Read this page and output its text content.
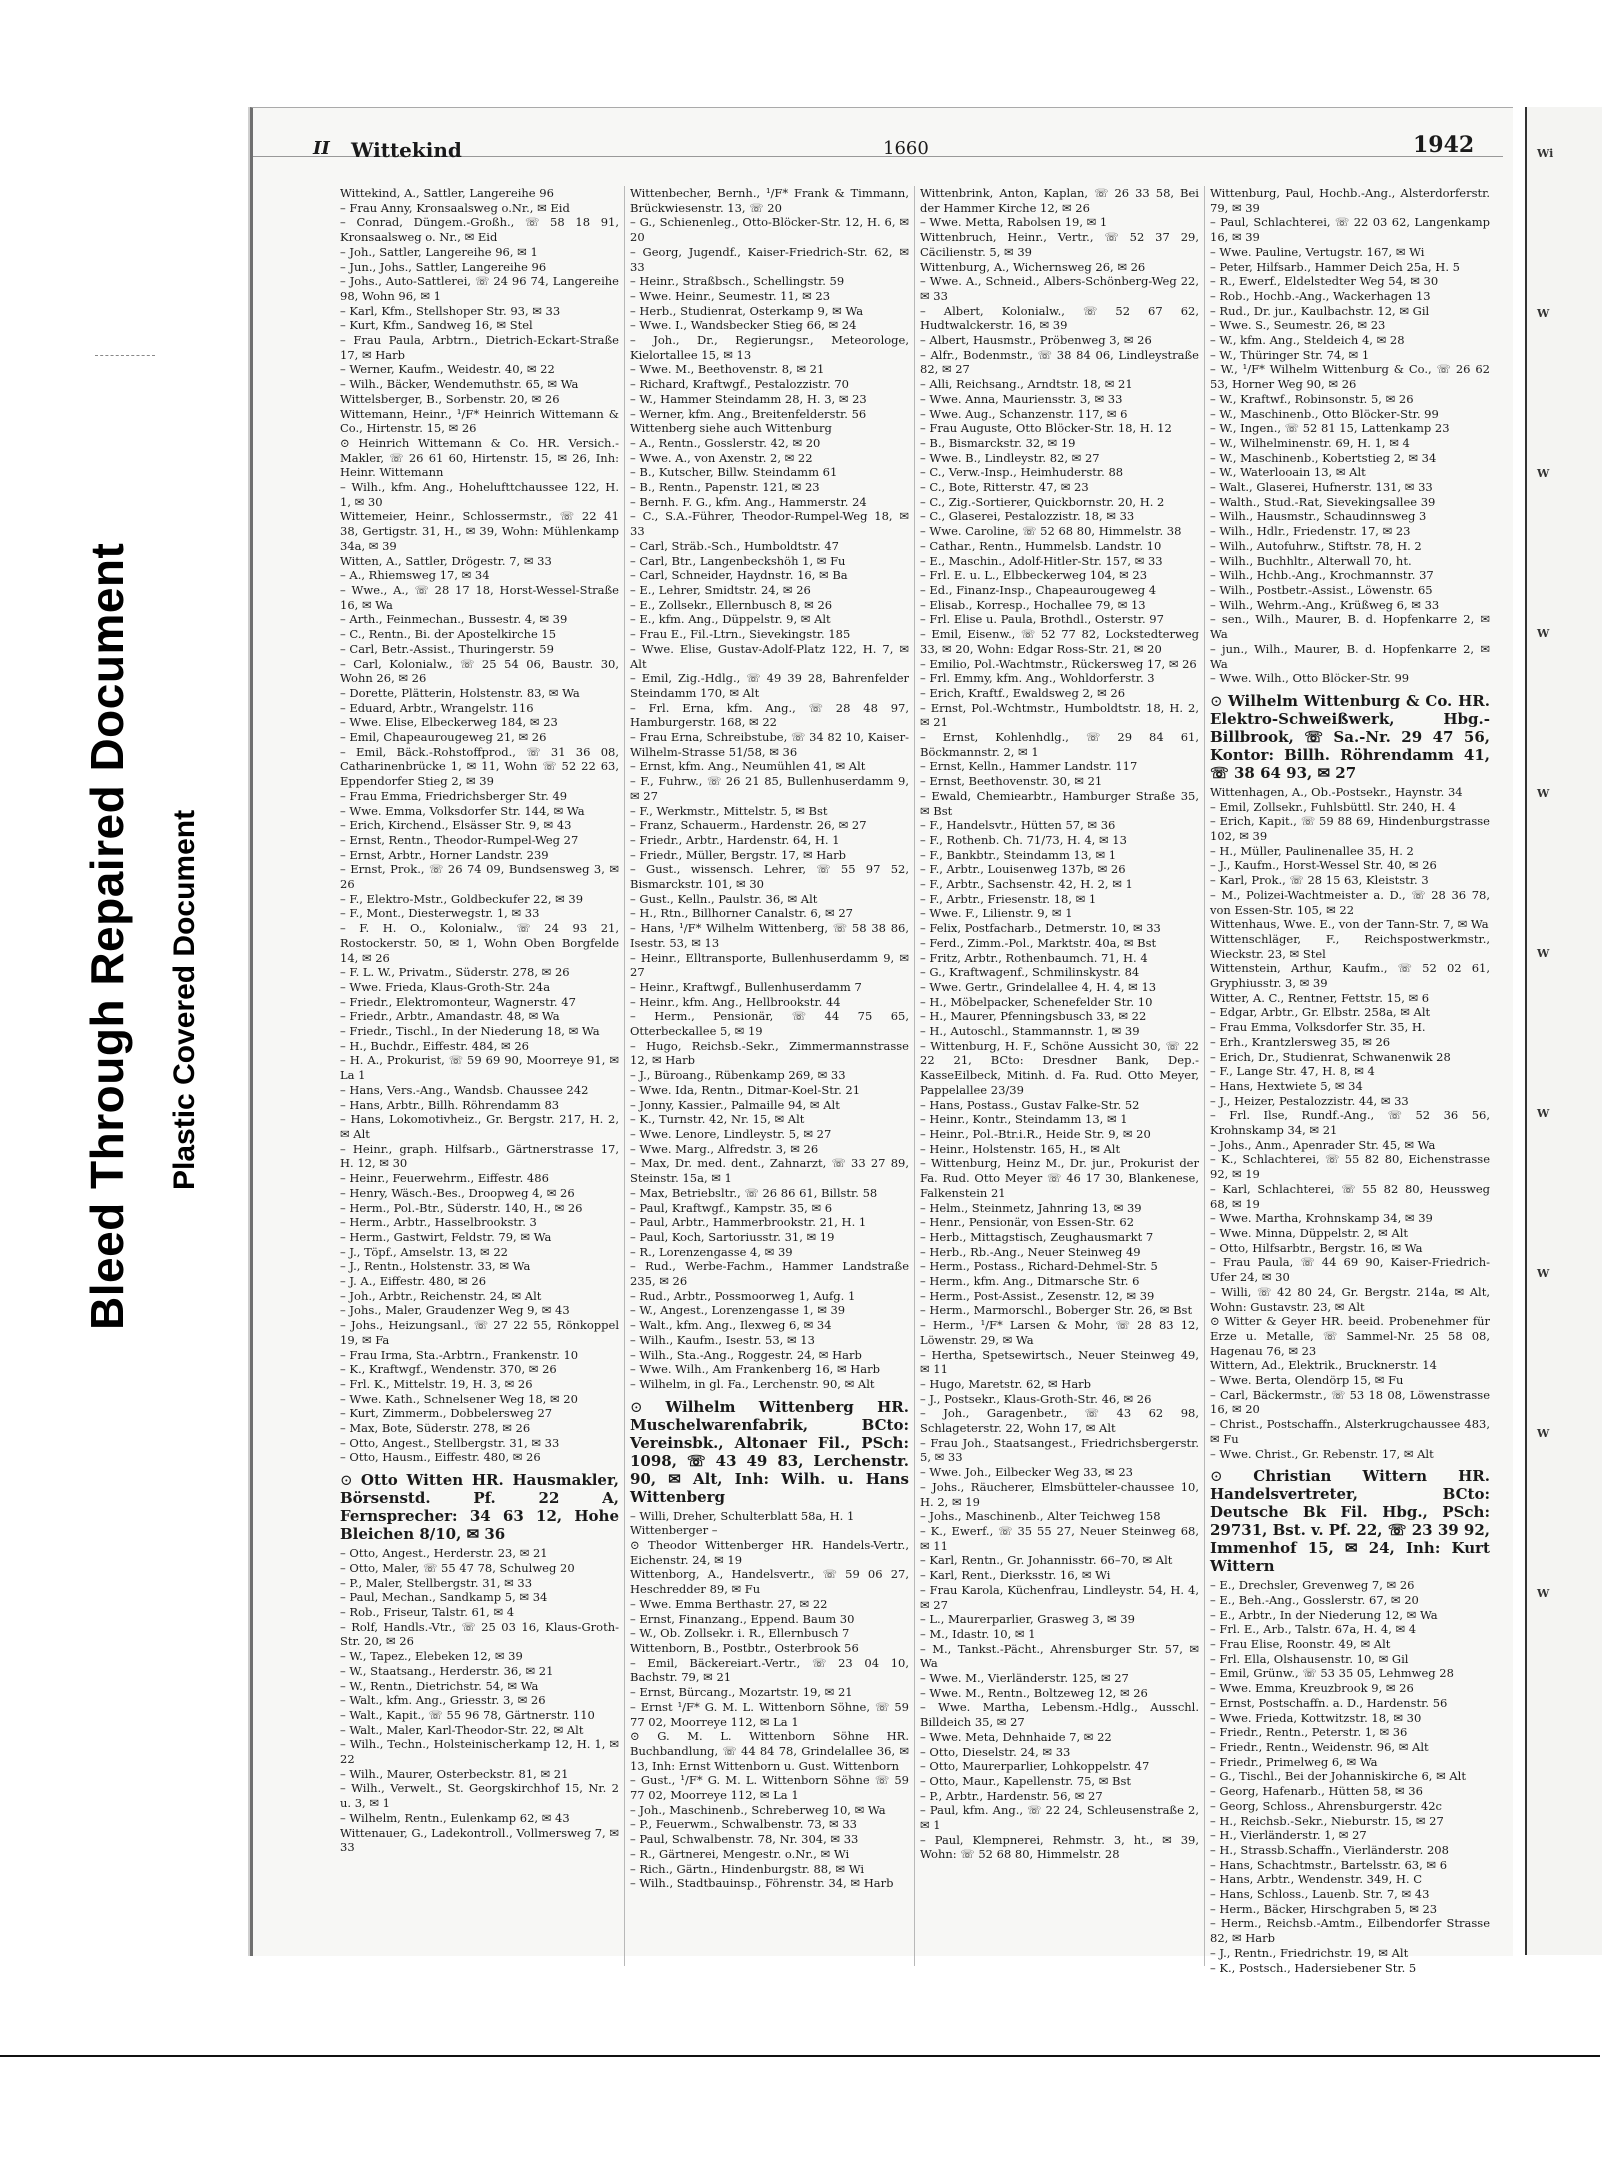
Bleed Through Repaired Document Plastic Covered Document
II Wittekind	1660	1942

Wittekind, A., Sattler, Langereihe 96

– Frau Anny, Kronsaalsweg o.Nr., ✉ Eid

– Conrad, Düngem.-Großh., ☏ 58 18 91, Kronsaalsweg o. Nr., ✉ Eid

– Joh., Sattler, Langereihe 96, ✉ 1

– Jun., Johs., Sattler, Langereihe 96

– Johs., Auto-Sattlerei, ☏ 24 96 74, Langereihe 98, Wohn 96, ✉ 1

– Karl, Kfm., Stellshoper Str. 93, ✉ 33

– Kurt, Kfm., Sandweg 16, ✉ Stel

– Frau Paula, Arbtrn., Dietrich-Eckart-Straße 17, ✉ Harb

– Werner, Kaufm., Weidestr. 40, ✉ 22

– Wilh., Bäcker, Wendemuthstr. 65, ✉ Wa

Wittelsberger, B., Sorbenstr. 20, ✉ 26

Wittemann, Heinr., ¹/F* Heinrich Wittemann & Co., Hirtenstr. 15, ✉ 26

⊙ Heinrich Wittemann & Co. HR. Versich.-Makler, ☏ 26 61 60, Hirtenstr. 15, ✉ 26, Inh: Heinr. Wittemann

– Wilh., kfm. Ang., Hohelufttchaussee 122, H. 1, ✉ 30

Wittemeier, Heinr., Schlossermstr., ☏ 22 41 38, Gertigstr. 31, H., ✉ 39, Wohn: Mühlenkamp 34a, ✉ 39

Witten, A., Sattler, Drögestr. 7, ✉ 33

– A., Rhiemsweg 17, ✉ 34

– Wwe., A., ☏ 28 17 18, Horst-Wessel-Straße 16, ✉ Wa

– Arth., Feinmechan., Bussestr. 4, ✉ 39

– C., Rentn., Bi. der Apostelkirche 15

– Carl, Betr.-Assist., Thuringerstr. 59

– Carl, Kolonialw., ☏ 25 54 06, Baustr. 30, Wohn 26, ✉ 26

– Dorette, Plätterin, Holstenstr. 83, ✉ Wa

– Eduard, Arbtr., Wrangelstr. 116

– Wwe. Elise, Elbeckerweg 184, ✉ 23

– Emil, Chapeaurougeweg 21, ✉ 26

– Emil, Bäck.-Rohstoffprod., ☏ 31 36 08, Catharinenbrücke 1, ✉ 11, Wohn ☏ 52 22 63, Eppendorfer Stieg 2, ✉ 39

– Frau Emma, Friedrichsberger Str. 49

– Wwe. Emma, Volksdorfer Str. 144, ✉ Wa

– Erich, Kirchend., Elsässer Str. 9, ✉ 43

– Ernst, Rentn., Theodor-Rumpel-Weg 27

– Ernst, Arbtr., Horner Landstr. 239

– Ernst, Prok., ☏ 26 74 09, Bundsensweg 3, ✉ 26

– F., Elektro-Mstr., Goldbeckufer 22, ✉ 39

– F., Mont., Diesterwegstr. 1, ✉ 33

– F. H. O., Kolonialw., ☏ 24 93 21, Rostockerstr. 50, ✉ 1, Wohn Oben Borgfelde 14, ✉ 26

– F. L. W., Privatm., Süderstr. 278, ✉ 26

– Wwe. Frieda, Klaus-Groth-Str. 24a

– Friedr., Elektromonteur, Wagnerstr. 47

– Friedr., Arbtr., Amandastr. 48, ✉ Wa

– Friedr., Tischl., In der Niederung 18, ✉ Wa

– H., Buchdr., Eiffestr. 484, ✉ 26

– H. A., Prokurist, ☏ 59 69 90, Moorreye 91, ✉ La 1

– Hans, Vers.-Ang., Wandsb. Chaussee 242

– Hans, Arbtr., Billh. Röhrendamm 83

– Hans, Lokomotivheiz., Gr. Bergstr. 217, H. 2, ✉ Alt

– Heinr., graph. Hilfsarb., Gärtnerstrasse 17, H. 12, ✉ 30

– Heinr., Feuerwehrm., Eiffestr. 486

– Henry, Wäsch.-Bes., Droopweg 4, ✉ 26

– Herm., Pol.-Btr., Süderstr. 140, H., ✉ 26

– Herm., Arbtr., Hasselbrookstr. 3

– Herm., Gastwirt, Feldstr. 79, ✉ Wa

– J., Töpf., Amselstr. 13, ✉ 22

– J., Rentn., Holstenstr. 33, ✉ Wa

– J. A., Eiffestr. 480, ✉ 26

– Joh., Arbtr., Reichenstr. 24, ✉ Alt

– Johs., Maler, Graudenzer Weg 9, ✉ 43

– Johs., Heizungsanl., ☏ 27 22 55, Rönkoppel 19, ✉ Fa

– Frau Irma, Sta.-Arbtrn., Frankenstr. 10

– K., Kraftwgf., Wendenstr. 370, ✉ 26

– Frl. K., Mittelstr. 19, H. 3, ✉ 26

– Wwe. Kath., Schnelsener Weg 18, ✉ 20

– Kurt, Zimmerm., Dobbelersweg 27

– Max, Bote, Süderstr. 278, ✉ 26

– Otto, Angest., Stellbergstr. 31, ✉ 33

– Otto, Hausm., Eiffestr. 480, ✉ 26

⊙ Otto Witten HR. Hausmakler, Börsenstd. Pf. 22 A, Fernsprecher: 34 63 12, Hohe Bleichen 8/10, ✉ 36

– Otto, Angest., Herderstr. 23, ✉ 21

– Otto, Maler, ☏ 55 47 78, Schulweg 20

– P., Maler, Stellbergstr. 31, ✉ 33

– Paul, Mechan., Sandkamp 5, ✉ 34

– Rob., Friseur, Talstr. 61, ✉ 4

– Rolf, Handls.-Vtr., ☏ 25 03 16, Klaus-Groth-Str. 20, ✉ 26

– W., Tapez., Elebeken 12, ✉ 39

– W., Staatsang., Herderstr. 36, ✉ 21

– W., Rentn., Dietrichstr. 54, ✉ Wa

– Walt., kfm. Ang., Griesstr. 3, ✉ 26

– Walt., Kapit., ☏ 55 96 78, Gärtnerstr. 110

– Walt., Maler, Karl-Theodor-Str. 22, ✉ Alt

– Wilh., Techn., Holsteinischerkamp 12, H. 1, ✉ 22

– Wilh., Maurer, Osterbeckstr. 81, ✉ 21

– Wilh., Verwelt., St. Georgskirchhof 15, Nr. 2 u. 3, ✉ 1

– Wilhelm, Rentn., Eulenkamp 62, ✉ 43

Wittenauer, G., Ladekontroll., Vollmersweg 7, ✉ 33

Wittenbecher, Bernh., ¹/F* Frank & Timmann, Brückwiesenstr. 13, ☏ 20

– G., Schienenleg., Otto-Blöcker-Str. 12, H. 6, ✉ 20

– Georg, Jugendf., Kaiser-Friedrich-Str. 62, ✉ 33

– Heinr., Straßbsch., Schellingstr. 59

– Wwe. Heinr., Seumestr. 11, ✉ 23

– Herb., Studienrat, Osterkamp 9, ✉ Wa

– Wwe. I., Wandsbecker Stieg 66, ✉ 24

– Joh., Dr., Regierungsr., Meteorologe, Kielortallee 15, ✉ 13

– Wwe. M., Beethovenstr. 8, ✉ 21

– Richard, Kraftwgf., Pestalozzistr. 70

– W., Hammer Steindamm 28, H. 3, ✉ 23

– Werner, kfm. Ang., Breitenfelderstr. 56

Wittenberg siehe auch Wittenburg

– A., Rentn., Gosslerstr. 42, ✉ 20

– Wwe. A., von Axenstr. 2, ✉ 22

– B., Kutscher, Billw. Steindamm 61

– B., Rentn., Papenstr. 121, ✉ 23

– Bernh. F. G., kfm. Ang., Hammerstr. 24

– C., S.A.-Führer, Theodor-Rumpel-Weg 18, ✉ 33

– Carl, Sträb.-Sch., Humboldtstr. 47

– Carl, Btr., Langenbeckshöh 1, ✉ Fu

– Carl, Schneider, Haydnstr. 16, ✉ Ba

– E., Lehrer, Smidtstr. 24, ✉ 26

– E., Zollsekr., Ellernbusch 8, ✉ 26

– E., kfm. Ang., Düppelstr. 9, ✉ Alt

– Frau E., Fil.-Ltrn., Sievekingstr. 185

– Wwe. Elise, Gustav-Adolf-Platz 122, H. 7, ✉ Alt

– Emil, Zig.-Hdlg., ☏ 49 39 28, Bahrenfelder Steindamm 170, ✉ Alt

– Frl. Erna, kfm. Ang., ☏ 28 48 97, Hamburgerstr. 168, ✉ 22

– Frau Erna, Schreibstube, ☏ 34 82 10, Kaiser-Wilhelm-Strasse 51/58, ✉ 36

– Ernst, kfm. Ang., Neumühlen 41, ✉ Alt

– F., Fuhrw., ☏ 26 21 85, Bullenhuserdamm 9, ✉ 27

– F., Werkmstr., Mittelstr. 5, ✉ Bst

– Franz, Schauerm., Hardenstr. 26, ✉ 27

– Friedr., Arbtr., Hardenstr. 64, H. 1

– Friedr., Müller, Bergstr. 17, ✉ Harb

– Gust., wissensch. Lehrer, ☏ 55 97 52, Bismarckstr. 101, ✉ 30

– Gust., Kelln., Paulstr. 36, ✉ Alt

– H., Rtn., Billhorner Canalstr. 6, ✉ 27

– Hans, ¹/F* Wilhelm Wittenberg, ☏ 58 38 86, Isestr. 53, ✉ 13

– Heinr., Elltransporte, Bullenhuserdamm 9, ✉ 27

– Heinr., Kraftwgf., Bullenhuserdamm 7

– Heinr., kfm. Ang., Hellbrookstr. 44

– Herm., Pensionär, ☏ 44 75 65, Otterbeckallee 5, ✉ 19

– Hugo, Reichsb.-Sekr., Zimmermannstrasse 12, ✉ Harb

– J., Büroang., Rübenkamp 269, ✉ 33

– Wwe. Ida, Rentn., Ditmar-Koel-Str. 21

– Jonny, Kassier., Palmaille 94, ✉ Alt

– K., Turnstr. 42, Nr. 15, ✉ Alt

– Wwe. Lenore, Lindleystr. 5, ✉ 27

– Wwe. Marg., Alfredstr. 3, ✉ 26

– Max, Dr. med. dent., Zahnarzt, ☏ 33 27 89, Steinstr. 15a, ✉ 1

– Max, Betriebsltr., ☏ 26 86 61, Billstr. 58

– Paul, Kraftwgf., Kampstr. 35, ✉ 6

– Paul, Arbtr., Hammerbrookstr. 21, H. 1

– Paul, Koch, Sartoriusstr. 31, ✉ 19

– R., Lorenzengasse 4, ✉ 39

– Rud., Werbe-Fachm., Hammer Landstraße 235, ✉ 26

– Rud., Arbtr., Possmoorweg 1, Aufg. 1

– W., Angest., Lorenzengasse 1, ✉ 39

– Walt., kfm. Ang., Ilexweg 6, ✉ 34

– Wilh., Kaufm., Isestr. 53, ✉ 13

– Wilh., Sta.-Ang., Roggestr. 24, ✉ Harb

– Wwe. Wilh., Am Frankenberg 16, ✉ Harb

– Wilhelm, in gl. Fa., Lerchenstr. 90, ✉ Alt

⊙ Wilhelm Wittenberg HR. Muschelwarenfabrik, BCto: Vereinsbk., Altonaer Fil., PSch: 1098, ☏ 43 49 83, Lerchenstr. 90, ✉ Alt, Inh: Wilh. u. Hans Wittenberg

– Willi, Dreher, Schulterblatt 58a, H. 1

Wittenberger –

⊙ Theodor Wittenberger HR. Handels-Vertr., Eichenstr. 24, ✉ 19

Wittenborg, A., Handelsvertr., ☏ 59 06 27, Heschredder 89, ✉ Fu

– Wwe. Emma Berthastr. 27, ✉ 22

– Ernst, Finanzang., Eppend. Baum 30

– W., Ob. Zollsekr. i. R., Ellernbusch 7

Wittenborn, B., Postbtr., Osterbrook 56

– Emil, Bäckereiart.-Vertr., ☏ 23 04 10, Bachstr. 79, ✉ 21

– Ernst, Bürcang., Mozartstr. 19, ✉ 21

– Ernst ¹/F* G. M. L. Wittenborn Söhne, ☏ 59 77 02, Moorreye 112, ✉ La 1

⊙ G. M. L. Wittenborn Söhne HR. Buchbandlung, ☏ 44 84 78, Grindelallee 36, ✉ 13, Inh: Ernst Wittenborn u. Gust. Wittenborn

– Gust., ¹/F* G. M. L. Wittenborn Söhne ☏ 59 77 02, Moorreye 112, ✉ La 1

– Joh., Maschinenb., Schreberweg 10, ✉ Wa

– P., Feuerwm., Schwalbenstr. 73, ✉ 33

– Paul, Schwalbenstr. 78, Nr. 304, ✉ 33

– R., Gärtnerei, Mengestr. o.Nr., ✉ Wi

– Rich., Gärtn., Hindenburgstr. 88, ✉ Wi

– Wilh., Stadtbauinsp., Föhrenstr. 34, ✉ Harb

Wittenbrink, Anton, Kaplan, ☏ 26 33 58, Bei der Hammer Kirche 12, ✉ 26

– Wwe. Metta, Rabolsen 19, ✉ 1

Wittenbruch, Heinr., Vertr., ☏ 52 37 29, Cäcilienstr. 5, ✉ 39

Wittenburg, A., Wichernsweg 26, ✉ 26

– Wwe. A., Schneid., Albers-Schönberg-Weg 22, ✉ 33

– Albert, Kolonialw., ☏ 52 67 62, Hudtwalckerstr. 16, ✉ 39

– Albert, Hausmstr., Pröbenweg 3, ✉ 26

– Alfr., Bodenmstr., ☏ 38 84 06, Lindleystraße 82, ✉ 27

– Alli, Reichsang., Arndtstr. 18, ✉ 21

– Wwe. Anna, Mauriensstr. 3, ✉ 33

– Wwe. Aug., Schanzenstr. 117, ✉ 6

– Frau Auguste, Otto Blöcker-Str. 18, H. 12

– B., Bismarckstr. 32, ✉ 19

– Wwe. B., Lindleystr. 82, ✉ 27

– C., Verw.-Insp., Heimhuderstr. 88

– C., Bote, Ritterstr. 47, ✉ 23

– C., Zig.-Sortierer, Quickbornstr. 20, H. 2

– C., Glaserei, Pestalozzistr. 18, ✉ 33

– Wwe. Caroline, ☏ 52 68 80, Himmelstr. 38

– Cathar., Rentn., Hummelsb. Landstr. 10

– E., Maschin., Adolf-Hitler-Str. 157, ✉ 33

– Frl. E. u. L., Elbbeckerweg 104, ✉ 23

– Ed., Finanz-Insp., Chapeaurougeweg 4

– Elisab., Korresp., Hochallee 79, ✉ 13

– Frl. Elise u. Paula, Brothdl., Osterstr. 97

– Emil, Eisenw., ☏ 52 77 82, Lockstedterweg 33, ✉ 20, Wohn: Edgar Ross-Str. 21, ✉ 20

– Emilio, Pol.-Wachtmstr., Rückersweg 17, ✉ 26

– Frl. Emmy, kfm. Ang., Wohldorferstr. 3

– Erich, Kraftf., Ewaldsweg 2, ✉ 26

– Ernst, Pol.-Wchtmstr., Humboldtstr. 18, H. 2, ✉ 21

– Ernst, Kohlenhdlg., ☏ 29 84 61, Böckmannstr. 2, ✉ 1

– Ernst, Kelln., Hammer Landstr. 117

– Ernst, Beethovenstr. 30, ✉ 21

– Ewald, Chemiearbtr., Hamburger Straße 35, ✉ Bst

– F., Handelsvtr., Hütten 57, ✉ 36

– F., Rothenb. Ch. 71/73, H. 4, ✉ 13

– F., Bankbtr., Steindamm 13, ✉ 1

– F., Arbtr., Louisenweg 137b, ✉ 26

– F., Arbtr., Sachsenstr. 42, H. 2, ✉ 1

– F., Arbtr., Friesenstr. 18, ✉ 1

– Wwe. F., Lilienstr. 9, ✉ 1

– Felix, Postfacharb., Detmerstr. 10, ✉ 33

– Ferd., Zimm.-Pol., Marktstr. 40a, ✉ Bst

– Fritz, Arbtr., Rothenbaumch. 71, H. 4

– G., Kraftwagenf., Schmilinskystr. 84

– Wwe. Gertr., Grindelallee 4, H. 4, ✉ 13

– H., Möbelpacker, Schenefelder Str. 10

– H., Maurer, Pfenningsbusch 33, ✉ 22

– H., Autoschl., Stammannstr. 1, ✉ 39

– Wittenburg, H. F., Schöne Aussicht 30, ☏ 22 22 21, BCto: Dresdner Bank, Dep.-KasseEilbeck, Mitinh. d. Fa. Rud. Otto Meyer, Pappelallee 23/39

– Hans, Postass., Gustav Falke-Str. 52

– Heinr., Kontr., Steindamm 13, ✉ 1

– Heinr., Pol.-Btr.i.R., Heide Str. 9, ✉ 20

– Heinr., Holstenstr. 165, H., ✉ Alt

– Wittenburg, Heinz M., Dr. jur., Prokurist der Fa. Rud. Otto Meyer ☏ 46 17 30, Blankenese, Falkenstein 21

– Helm., Steinmetz, Jahnring 13, ✉ 39

– Henr., Pensionär, von Essen-Str. 62

– Herb., Mittagstisch, Zeughausmarkt 7

– Herb., Rb.-Ang., Neuer Steinweg 49

– Herm., Postass., Richard-Dehmel-Str. 5

– Herm., kfm. Ang., Ditmarsche Str. 6

– Herm., Post-Assist., Zesenstr. 12, ✉ 39

– Herm., Marmorschl., Boberger Str. 26, ✉ Bst

– Herm., ¹/F* Larsen & Mohr, ☏ 28 83 12, Löwenstr. 29, ✉ Wa

– Hertha, Spetsewirtsch., Neuer Steinweg 49, ✉ 11

– Hugo, Maretstr. 62, ✉ Harb

– J., Postsekr., Klaus-Groth-Str. 46, ✉ 26

– Joh., Garagenbetr., ☏ 43 62 98, Schlageterstr. 22, Wohn 17, ✉ Alt

– Frau Joh., Staatsangest., Friedrichsbergerstr. 5, ✉ 33

– Wwe. Joh., Eilbecker Weg 33, ✉ 23

– Johs., Räucherer, Elmsbütteler-chaussee 10, H. 2, ✉ 19

– Johs., Maschinenb., Alter Teichweg 158

– K., Ewerf., ☏ 35 55 27, Neuer Steinweg 68, ✉ 11

– Karl, Rentn., Gr. Johannisstr. 66–70, ✉ Alt

– Karl, Rent., Dierksstr. 16, ✉ Wi

– Frau Karola, Küchenfrau, Lindleystr. 54, H. 4, ✉ 27

– L., Maurerparlier, Grasweg 3, ✉ 39

– M., Idastr. 10, ✉ 1

– M., Tankst.-Pächt., Ahrensburger Str. 57, ✉ Wa

– Wwe. M., Vierländerstr. 125, ✉ 27

– Wwe. M., Rentn., Boltzeweg 12, ✉ 26

– Wwe. Martha, Lebensm.-Hdlg., Ausschl. Billdeich 35, ✉ 27

– Wwe. Meta, Dehnhaide 7, ✉ 22

– Otto, Dieselstr. 24, ✉ 33

– Otto, Maurerparlier, Lohkoppelstr. 47

– Otto, Maur., Kapellenstr. 75, ✉ Bst

– P., Arbtr., Hardenstr. 56, ✉ 27

– Paul, kfm. Ang., ☏ 22 24, Schleusenstraße 2, ✉ 1

– Paul, Klempnerei, Rehmstr. 3, ht., ✉ 39, Wohn: ☏ 52 68 80, Himmelstr. 28

Wittenburg, Paul, Hochb.-Ang., Alsterdorferstr. 79, ✉ 39

– Paul, Schlachterei, ☏ 22 03 62, Langenkamp 16, ✉ 39

– Wwe. Pauline, Vertugstr. 167, ✉ Wi

– Peter, Hilfsarb., Hammer Deich 25a, H. 5

– R., Ewerf., Eldelstedter Weg 54, ✉ 30

– Rob., Hochb.-Ang., Wackerhagen 13

– Rud., Dr. jur., Kaulbachstr. 12, ✉ Gil

– Wwe. S., Seumestr. 26, ✉ 23

– W., kfm. Ang., Steldeich 4, ✉ 28

– W., Thüringer Str. 74, ✉ 1

– W., ¹/F* Wilhelm Wittenburg & Co., ☏ 26 62 53, Horner Weg 90, ✉ 26

– W., Kraftwf., Robinsonstr. 5, ✉ 26

– W., Maschinenb., Otto Blöcker-Str. 99

– W., Ingen., ☏ 52 81 15, Lattenkamp 23

– W., Wilhelminenstr. 69, H. 1, ✉ 4

– W., Maschinenb., Kobertstieg 2, ✉ 34

– W., Waterlooain 13, ✉ Alt

– Walt., Glaserei, Hufnerstr. 131, ✉ 33

– Walth., Stud.-Rat, Sievekingsallee 39

– Wilh., Hausmstr., Schaudinnsweg 3

– Wilh., Hdlr., Friedenstr. 17, ✉ 23

– Wilh., Autofuhrw., Stiftstr. 78, H. 2

– Wilh., Buchhltr., Alterwall 70, ht.

– Wilh., Hchb.-Ang., Krochmannstr. 37

– Wilh., Postbetr.-Assist., Löwenstr. 65

– Wilh., Wehrm.-Ang., Krüßweg 6, ✉ 33

– sen., Wilh., Maurer, B. d. Hopfenkarre 2, ✉ Wa

– jun., Wilh., Maurer, B. d. Hopfenkarre 2, ✉ Wa

– Wwe. Wilh., Otto Blöcker-Str. 99

⊙ Wilhelm Wittenburg & Co. HR. Elektro-Schweißwerk, Hbg.-Billbrook, ☏ Sa.-Nr. 29 47 56, Kontor: Billh. Röhrendamm 41, ☏ 38 64 93, ✉ 27

Wittenhagen, A., Ob.-Postsekr., Haynstr. 34

– Emil, Zollsekr., Fuhlsbüttl. Str. 240, H. 4

– Erich, Kapit., ☏ 59 88 69, Hindenburgstrasse 102, ✉ 39

– H., Müller, Paulinenallee 35, H. 2

– J., Kaufm., Horst-Wessel Str. 40, ✉ 26

– Karl, Prok., ☏ 28 15 63, Kleiststr. 3

– M., Polizei-Wachtmeister a. D., ☏ 28 36 78, von Essen-Str. 105, ✉ 22

Wittenhaus, Wwe. E., von der Tann-Str. 7, ✉ Wa

Wittenschläger, F., Reichspostwerkmstr., Wieckstr. 23, ✉ Stel

Wittenstein, Arthur, Kaufm., ☏ 52 02 61, Gryphiusstr. 3, ✉ 39

Witter, A. C., Rentner, Fettstr. 15, ✉ 6

– Edgar, Arbtr., Gr. Elbstr. 258a, ✉ Alt

– Frau Emma, Volksdorfer Str. 35, H.

– Erh., Krantzlersweg 35, ✉ 26

– Erich, Dr., Studienrat, Schwanenwik 28

– F., Lange Str. 47, H. 8, ✉ 4

– Hans, Hextwiete 5, ✉ 34

– J., Heizer, Pestalozzistr. 44, ✉ 33

– Frl. Ilse, Rundf.-Ang., ☏ 52 36 56, Krohnskamp 34, ✉ 21

– Johs., Anm., Apenrader Str. 45, ✉ Wa

– K., Schlachterei, ☏ 55 82 80, Eichenstrasse 92, ✉ 19

– Karl, Schlachterei, ☏ 55 82 80, Heussweg 68, ✉ 19

– Wwe. Martha, Krohnskamp 34, ✉ 39

– Wwe. Minna, Düppelstr. 2, ✉ Alt

– Otto, Hilfsarbtr., Bergstr. 16, ✉ Wa

– Frau Paula, ☏ 44 69 90, Kaiser-Friedrich-Ufer 24, ✉ 30

– Willi, ☏ 42 80 24, Gr. Bergstr. 214a, ✉ Alt, Wohn: Gustavstr. 23, ✉ Alt

⊙ Witter & Geyer HR. beeid. Probenehmer für Erze u. Metalle, ☏ Sammel-Nr. 25 58 08, Hagenau 76, ✉ 23

Wittern, Ad., Elektrik., Brucknerstr. 14

– Wwe. Berta, Olendörp 15, ✉ Fu

– Carl, Bäckermstr., ☏ 53 18 08, Löwenstrasse 16, ✉ 20

– Christ., Postschaffn., Alsterkrugchaussee 483, ✉ Fu

– Wwe. Christ., Gr. Rebenstr. 17, ✉ Alt

⊙ Christian Wittern HR. Handelsvertreter, BCto: Deutsche Bk Fil. Hbg., PSch: 29731, Bst. v. Pf. 22, ☏ 23 39 92, Immenhof 15, ✉ 24, Inh: Kurt Wittern

– E., Drechsler, Grevenweg 7, ✉ 26

– E., Beh.-Ang., Gosslerstr. 67, ✉ 20

– E., Arbtr., In der Niederung 12, ✉ Wa

– Frl. E., Arb., Talstr. 67a, H. 4, ✉ 4

– Frau Elise, Roonstr. 49, ✉ Alt

– Frl. Ella, Olshausenstr. 10, ✉ Gil

– Emil, Grünw., ☏ 53 35 05, Lehmweg 28

– Wwe. Emma, Kreuzbrook 9, ✉ 26

– Ernst, Postschaffn. a. D., Hardenstr. 56

– Wwe. Frieda, Kottwitzstr. 18, ✉ 30

– Friedr., Rentn., Peterstr. 1, ✉ 36

– Friedr., Rentn., Weidenstr. 96, ✉ Alt

– Friedr., Primelweg 6, ✉ Wa

– G., Tischl., Bei der Johanniskirche 6, ✉ Alt

– Georg, Hafenarb., Hütten 58, ✉ 36

– Georg, Schloss., Ahrensburgerstr. 42c

– H., Reichsb.-Sekr., Nieburstr. 15, ✉ 27

– H., Vierländerstr. 1, ✉ 27

– H., Strassb.Schaffn., Vierländerstr. 208

– Hans, Schachtmstr., Bartelsstr. 63, ✉ 6

– Hans, Arbtr., Wendenstr. 349, H. C

– Hans, Schloss., Lauenb. Str. 7, ✉ 43

– Herm., Bäcker, Hirschgraben 5, ✉ 23

– Herm., Reichsb.-Amtm., Eilbendorfer Strasse 82, ✉ Harb

– J., Rentn., Friedrichstr. 19, ✉ Alt

– K., Postsch., Hadersiebener Str. 5

Wi
W
W
W
W
W
W
W
W
W
